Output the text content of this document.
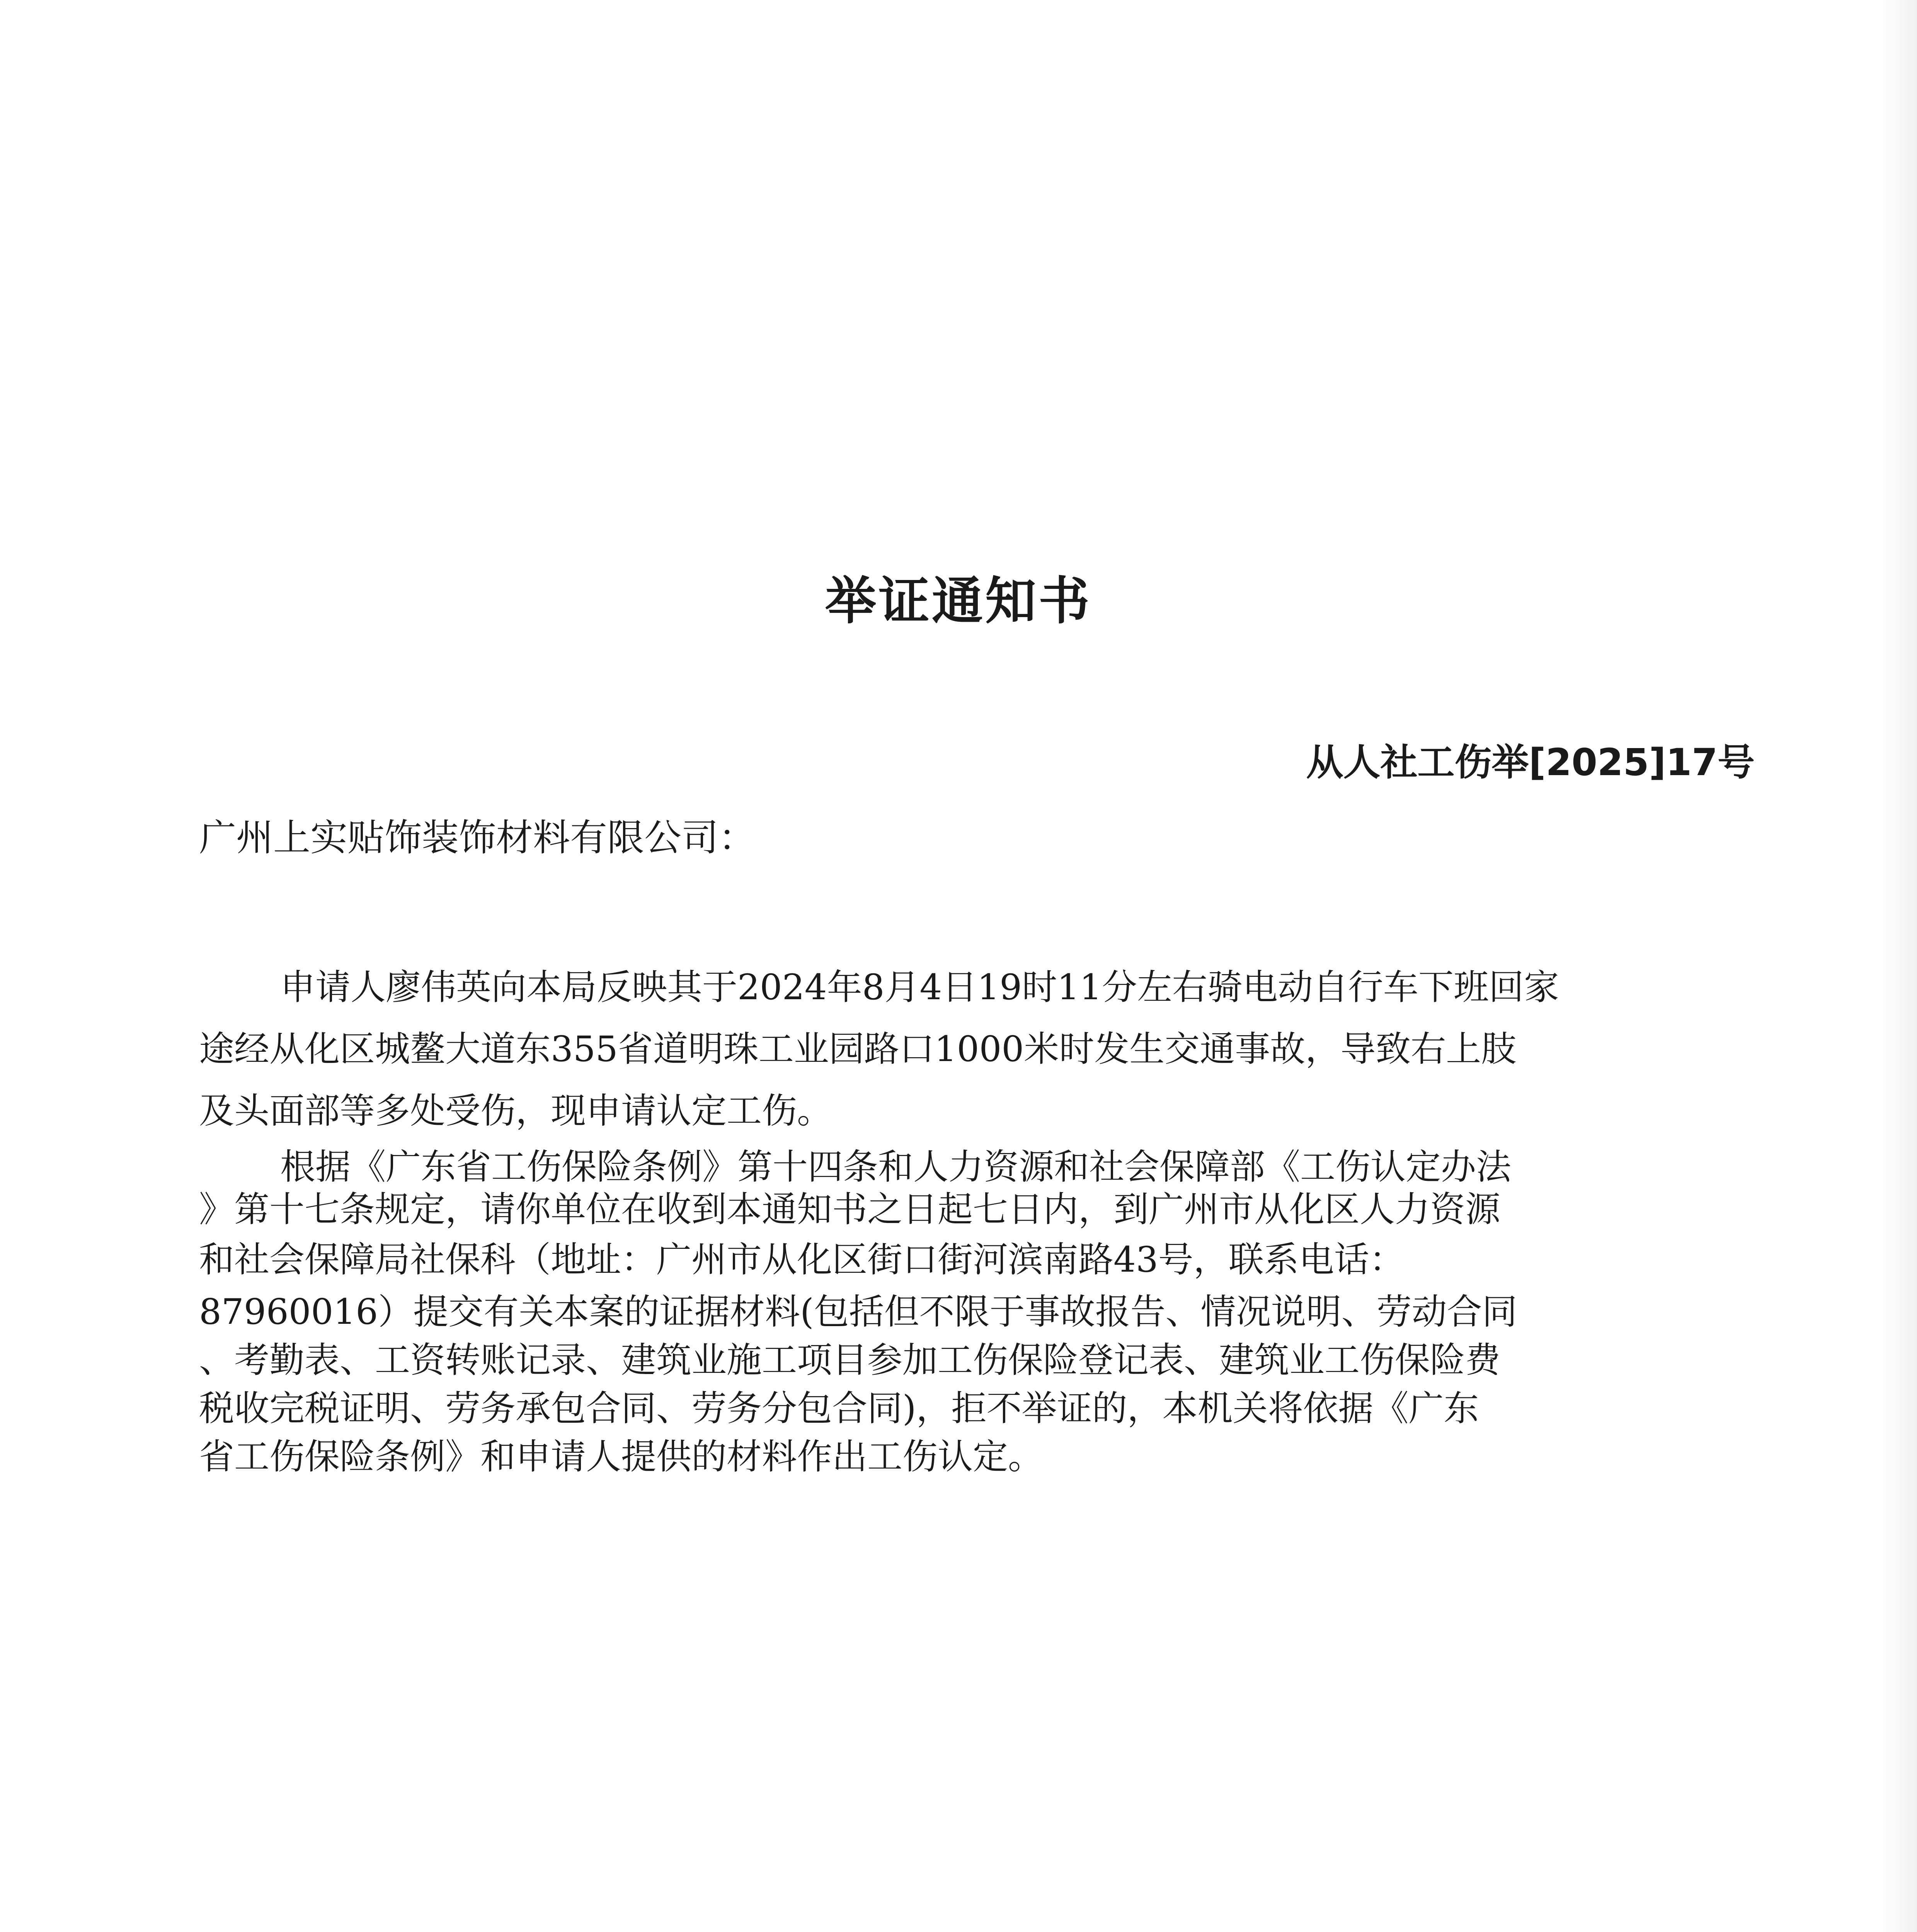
举证通知书
从人社工伤举[2025]17号
广州上实贴饰装饰材料有限公司：
申请人廖伟英向本局反映其于2024年8月4日19时11分左右骑电动自行车下班回家
途经从化区城鳌大道东355省道明珠工业园路口1000米时发生交通事故，导致右上肢
及头面部等多处受伤，现申请认定工伤。
根据《广东省工伤保险条例》第十四条和人力资源和社会保障部《工伤认定办法
》第十七条规定，请你单位在收到本通知书之日起七日内，到广州市从化区人力资源
和社会保障局社保科（地址：广州市从化区街口街河滨南路43号，联系电话：
87960016）提交有关本案的证据材料(包括但不限于事故报告、情况说明、劳动合同
、考勤表、工资转账记录、建筑业施工项目参加工伤保险登记表、建筑业工伤保险费
税收完税证明、劳务承包合同、劳务分包合同)，拒不举证的，本机关将依据《广东
省工伤保险条例》和申请人提供的材料作出工伤认定。
